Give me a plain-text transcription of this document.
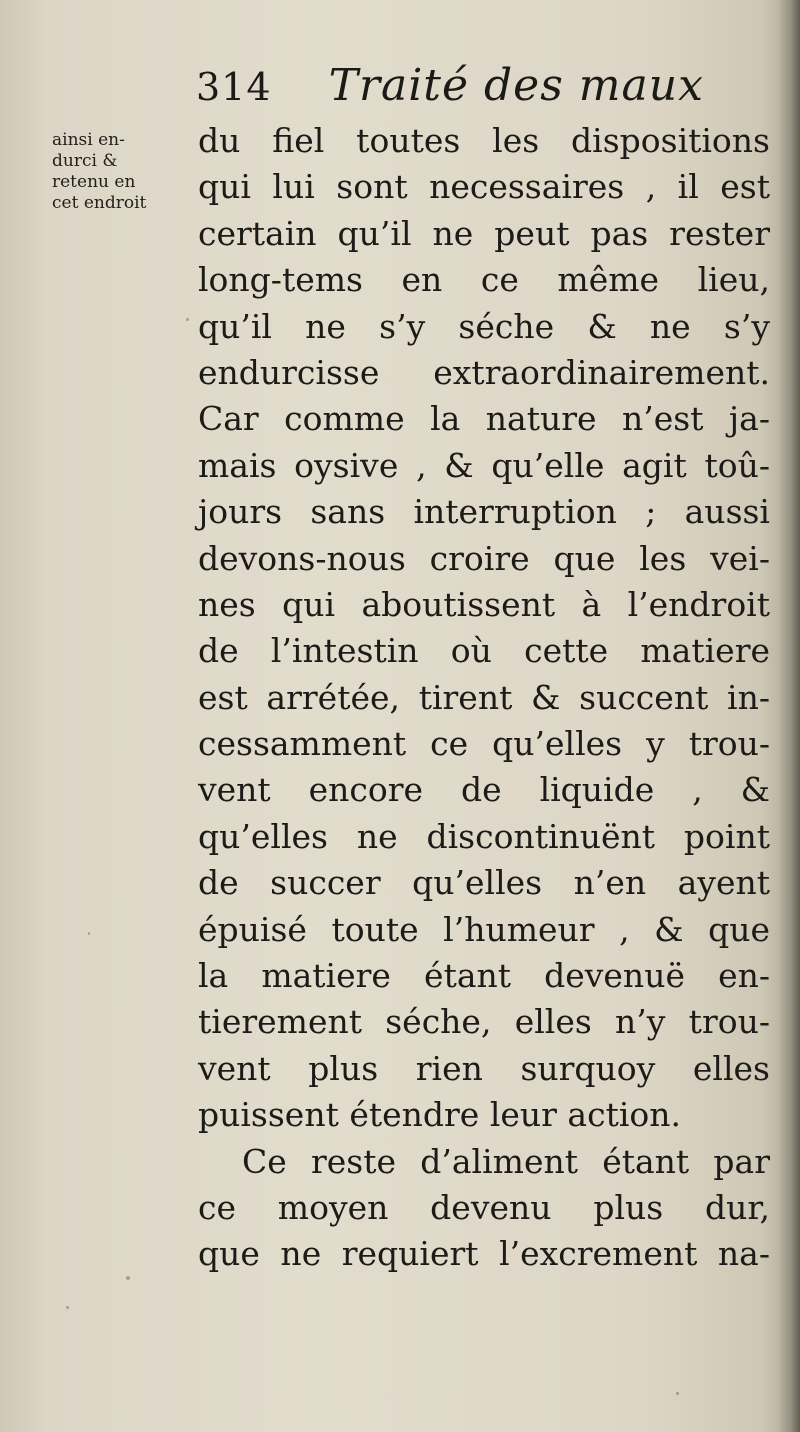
314 Traité des maux
ainsi en-
durci &
retenu en
cet endroit
du fiel toutes les dispositions
qui lui sont necessaires , il est
certain qu’il ne peut pas rester
long-tems en ce même lieu,
qu’il ne s’y séche & ne s’y
endurcisse extraordinairement.
Car comme la nature n’est ja-
mais oysive , & qu’elle agit toû-
jours sans interruption ; aussi
devons-nous croire que les vei-
nes qui aboutissent à l’endroit
de l’intestin où cette matiere
est arrétée, tirent & succent in-
cessamment ce qu’elles y trou-
vent encore de liquide , &
qu’elles ne discontinuënt point
de succer qu’elles n’en ayent
épuisé toute l’humeur , & que
la matiere étant devenuë en-
tierement séche, elles n’y trou-
vent plus rien surquoy elles
puissent étendre leur action.
Ce reste d’aliment étant par
ce moyen devenu plus dur,
que ne requiert l’excrement na-
